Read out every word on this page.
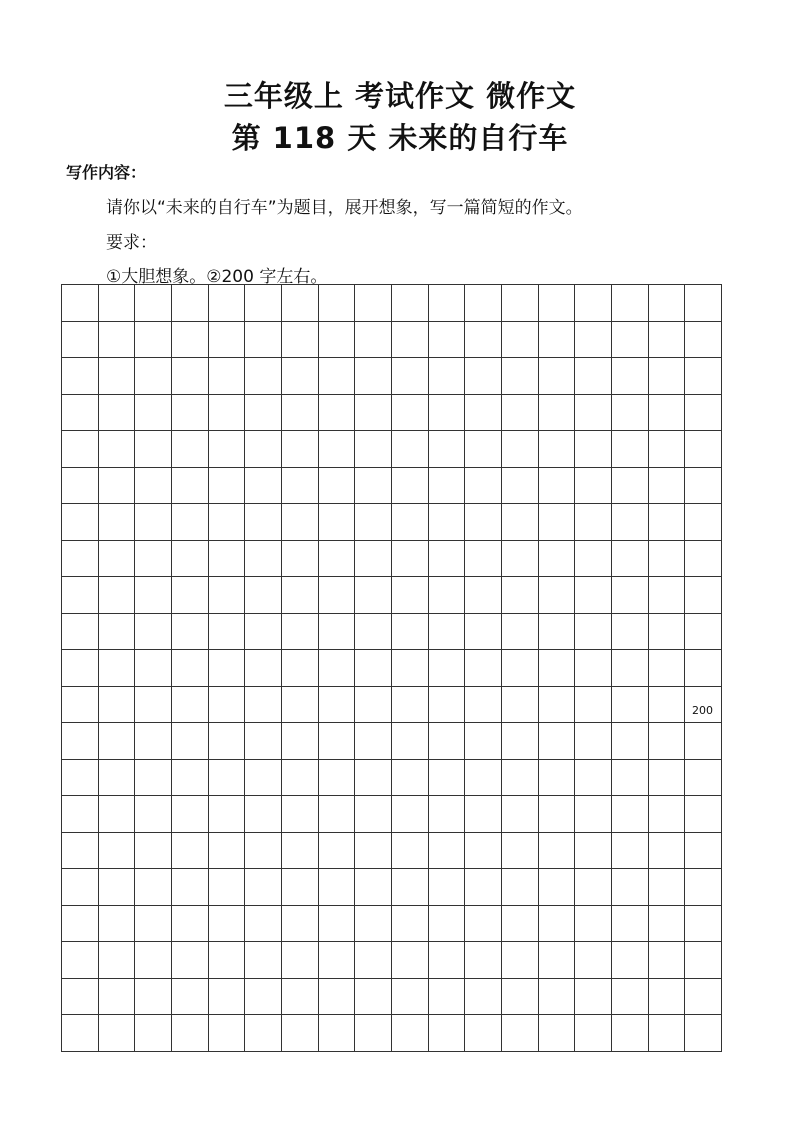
三年级上 考试作文 微作文
第 118 天 未来的自行车
写作内容：
请你以“未来的自行车”为题目，展开想象，写一篇简短的作文。
要求：
①大胆想象。②200 字左右。
200
